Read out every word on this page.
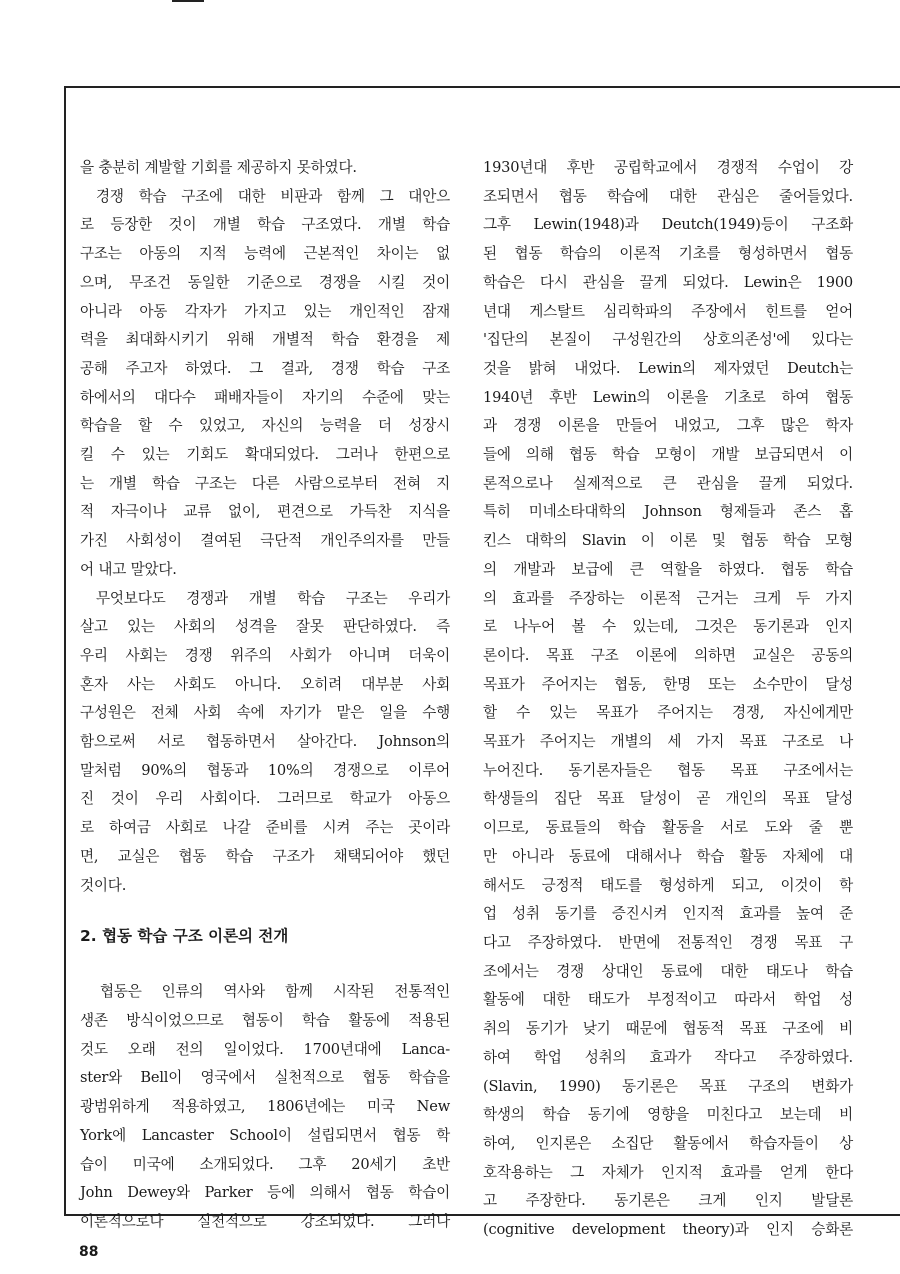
을 충분히 계발할 기회를 제공하지 못하였다.

경쟁 학습 구조에 대한 비판과 함께 그 대안으

로 등장한 것이 개별 학습 구조였다. 개별 학습

구조는 아동의 지적 능력에 근본적인 차이는 없

으며, 무조건 동일한 기준으로 경쟁을 시킬 것이

아니라 아동 각자가 가지고 있는 개인적인 잠재

력을 최대화시키기 위해 개별적 학습 환경을 제

공해 주고자 하였다. 그 결과, 경쟁 학습 구조

하에서의 대다수 패배자들이 자기의 수준에 맞는

학습을 할 수 있었고, 자신의 능력을 더 성장시

킬 수 있는 기회도 확대되었다. 그러나 한편으로

는 개별 학습 구조는 다른 사람으로부터 전혀 지

적 자극이나 교류 없이, 편견으로 가득찬 지식을

가진 사회성이 결여된 극단적 개인주의자를 만들

어 내고 말았다.

무엇보다도 경쟁과 개별 학습 구조는 우리가

살고 있는 사회의 성격을 잘못 판단하였다. 즉

우리 사회는 경쟁 위주의 사회가 아니며 더욱이

혼자 사는 사회도 아니다. 오히려 대부분 사회

구성원은 전체 사회 속에 자기가 맡은 일을 수행

함으로써 서로 협동하면서 살아간다. Johnson의

말처럼 90%의 협동과 10%의 경쟁으로 이루어

진 것이 우리 사회이다. 그러므로 학교가 아동으

로 하여금 사회로 나갈 준비를 시켜 주는 곳이라

면, 교실은 협동 학습 구조가 채택되어야 했던

것이다.

2. 협동 학습 구조 이론의 전개

협동은 인류의 역사와 함께 시작된 전통적인

생존 방식이었으므로 협동이 학습 활동에 적용된

것도 오래 전의 일이었다. 1700년대에 Lanca-

ster와 Bell이 영국에서 실천적으로 협동 학습을

광범위하게 적용하였고, 1806년에는 미국 New

York에 Lancaster School이 설립되면서 협동 학

습이 미국에 소개되었다. 그후 20세기 초반

John Dewey와 Parker 등에 의해서 협동 학습이

이론적으로나 실천적으로 강조되었다. 그러나

1930년대 후반 공립학교에서 경쟁적 수업이 강

조되면서 협동 학습에 대한 관심은 줄어들었다.

그후 Lewin(1948)과 Deutch(1949)등이 구조화

된 협동 학습의 이론적 기초를 형성하면서 협동

학습은 다시 관심을 끌게 되었다. Lewin은 1900

년대 게스탈트 심리학파의 주장에서 힌트를 얻어

'집단의 본질이 구성원간의 상호의존성'에 있다는

것을 밝혀 내었다. Lewin의 제자였던 Deutch는

1940년 후반 Lewin의 이론을 기초로 하여 협동

과 경쟁 이론을 만들어 내었고, 그후 많은 학자

들에 의해 협동 학습 모형이 개발 보급되면서 이

론적으로나 실제적으로 큰 관심을 끌게 되었다.

특히 미네소타대학의 Johnson 형제들과 존스 홉

킨스 대학의 Slavin 이 이론 및 협동 학습 모형

의 개발과 보급에 큰 역할을 하였다. 협동 학습

의 효과를 주장하는 이론적 근거는 크게 두 가지

로 나누어 볼 수 있는데, 그것은 동기론과 인지

론이다. 목표 구조 이론에 의하면 교실은 공동의

목표가 주어지는 협동, 한명 또는 소수만이 달성

할 수 있는 목표가 주어지는 경쟁, 자신에게만

목표가 주어지는 개별의 세 가지 목표 구조로 나

누어진다. 동기론자들은 협동 목표 구조에서는

학생들의 집단 목표 달성이 곧 개인의 목표 달성

이므로, 동료들의 학습 활동을 서로 도와 줄 뿐

만 아니라 동료에 대해서나 학습 활동 자체에 대

해서도 긍정적 태도를 형성하게 되고, 이것이 학

업 성취 동기를 증진시켜 인지적 효과를 높여 준

다고 주장하였다. 반면에 전통적인 경쟁 목표 구

조에서는 경쟁 상대인 동료에 대한 태도나 학습

활동에 대한 태도가 부정적이고 따라서 학업 성

취의 동기가 낮기 때문에 협동적 목표 구조에 비

하여 학업 성취의 효과가 작다고 주장하였다.

(Slavin, 1990) 동기론은 목표 구조의 변화가

학생의 학습 동기에 영향을 미친다고 보는데 비

하여, 인지론은 소집단 활동에서 학습자들이 상

호작용하는 그 자체가 인지적 효과를 얻게 한다

고 주장한다. 동기론은 크게 인지 발달론

(cognitive development theory)과 인지 승화론

88
